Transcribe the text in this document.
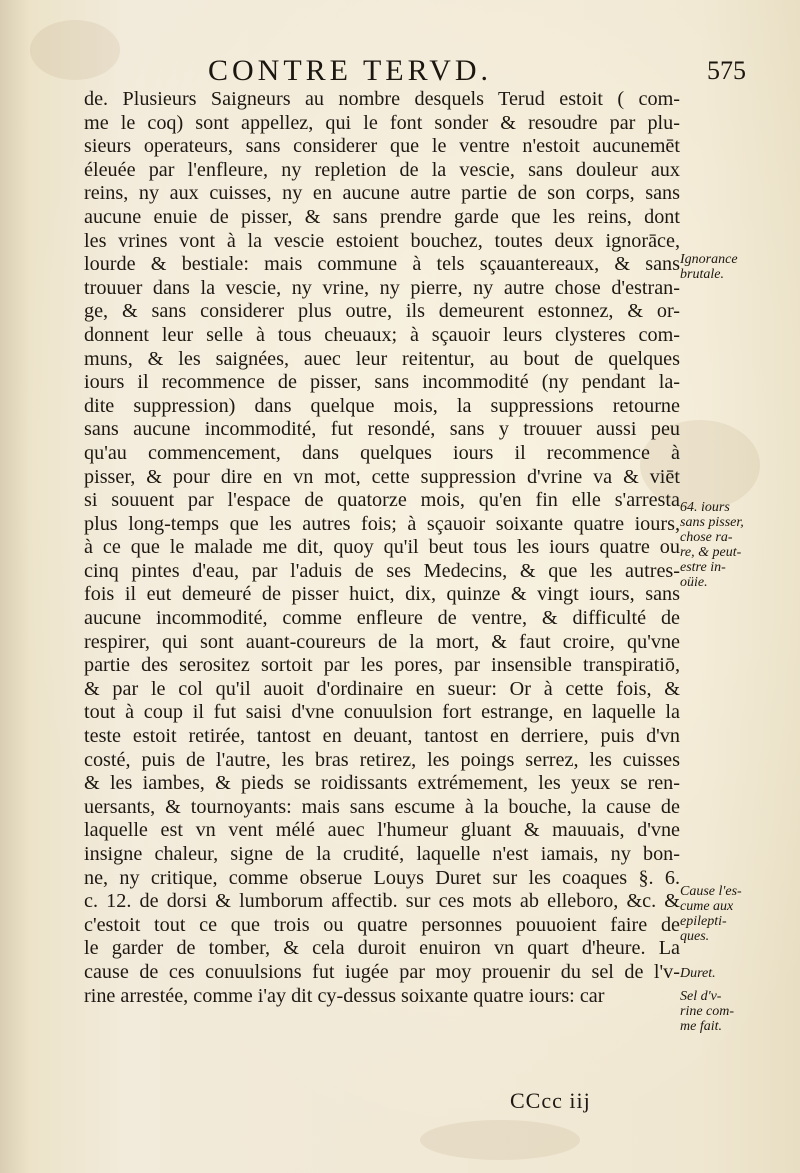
CONTRE TERVD.	575
de. Plusieurs Saigneurs au nombre desquels Terud estoit ( com-
me le coq) sont appellez, qui le font sonder & resoudre par plu-
sieurs operateurs, sans considerer que le ventre n'estoit aucunemēt
éleuée par l'enfleure, ny repletion de la vescie, sans douleur aux
reins, ny aux cuisses, ny en aucune autre partie de son corps, sans
aucune enuie de pisser, & sans prendre garde que les reins, dont
les vrines vont à la vescie estoient bouchez, toutes deux ignorāce,
lourde & bestiale: mais commune à tels sçauantereaux, & sans
trouuer dans la vescie, ny vrine, ny pierre, ny autre chose d'estran-
ge, & sans considerer plus outre, ils demeurent estonnez, & or-
donnent leur selle à tous cheuaux; à sçauoir leurs clysteres com-
muns, & les saignées, auec leur reitentur, au bout de quelques
iours il recommence de pisser, sans incommodité (ny pendant la-
dite suppression) dans quelque mois, la suppressions retourne
sans aucune incommodité, fut resondé, sans y trouuer aussi peu
qu'au commencement, dans quelques iours il recommence à
pisser, & pour dire en vn mot, cette suppression d'vrine va & viēt
si souuent par l'espace de quatorze mois, qu'en fin elle s'arresta
plus long-temps que les autres fois; à sçauoir soixante quatre iours,
à ce que le malade me dit, quoy qu'il beut tous les iours quatre ou
cinq pintes d'eau, par l'aduis de ses Medecins, & que les autres-
fois il eut demeuré de pisser huict, dix, quinze & vingt iours, sans
aucune incommodité, comme enfleure de ventre, & difficulté de
respirer, qui sont auant-coureurs de la mort, & faut croire, qu'vne
partie des serositez sortoit par les pores, par insensible transpiratiō,
& par le col qu'il auoit d'ordinaire en sueur: Or à cette fois, &
tout à coup il fut saisi d'vne conuulsion fort estrange, en laquelle la
teste estoit retirée, tantost en deuant, tantost en derriere, puis d'vn
costé, puis de l'autre, les bras retirez, les poings serrez, les cuisses
& les iambes, & pieds se roidissants extrémement, les yeux se ren-
uersants, & tournoyants: mais sans escume à la bouche, la cause de
laquelle est vn vent mélé auec l'humeur gluant & mauuais, d'vne
insigne chaleur, signe de la crudité, laquelle n'est iamais, ny bon-
ne, ny critique, comme obserue Louys Duret sur les coaques §. 6.
c. 12. de dorsi & lumborum affectib. sur ces mots ab elleboro, &c. &
c'estoit tout ce que trois ou quatre personnes pouuoient faire de
le garder de tomber, & cela duroit enuiron vn quart d'heure. La
cause de ces conuulsions fut iugée par moy prouenir du sel de l'v-
rine arrestée, comme i'ay dit cy-dessus soixante quatre iours: car
Ignorance
brutale.
64. iours
sans pisser,
chose ra-
re, & peut-
estre in-
oüie.
Cause l'es-
cume aux
epilepti-
ques.
Duret.
Sel d'v-
rine com-
me fait.
CCcc iij
